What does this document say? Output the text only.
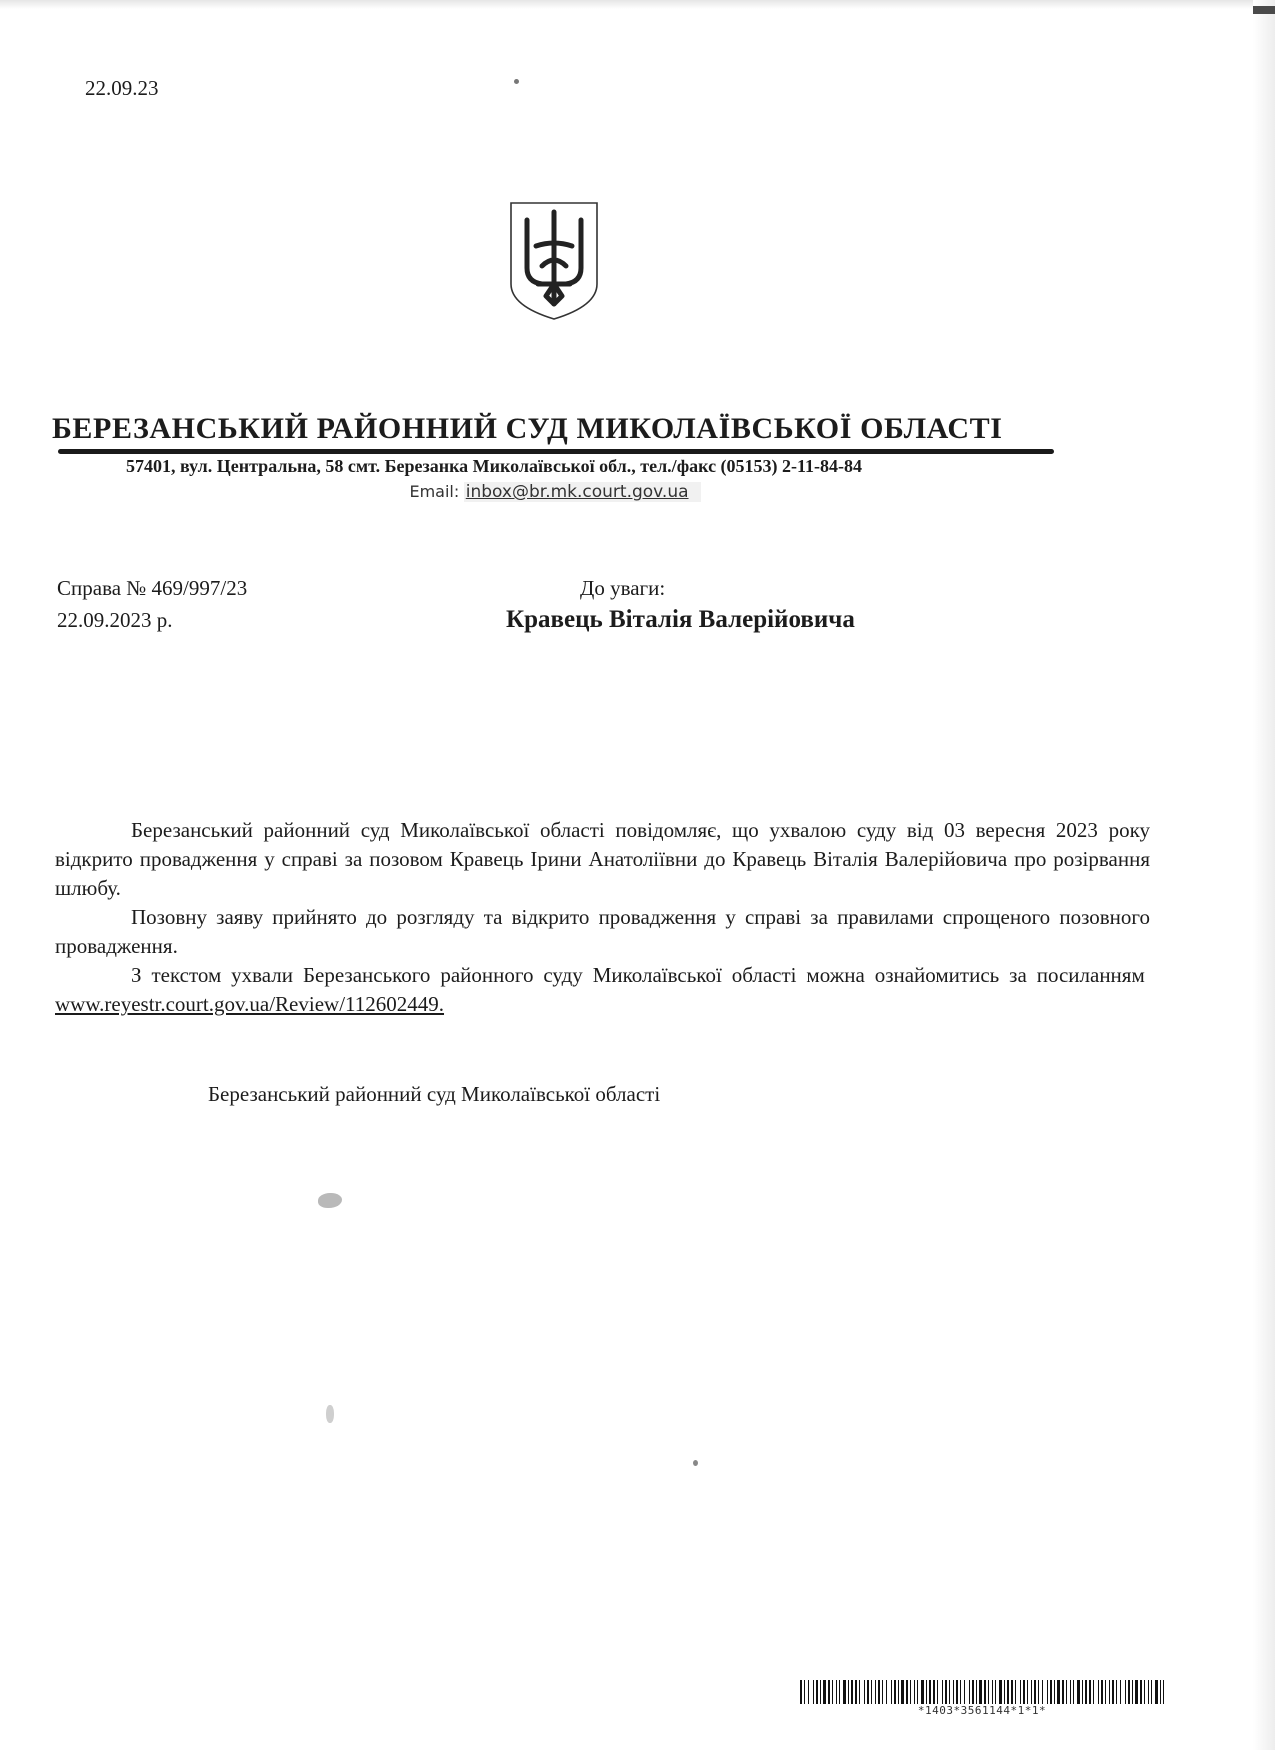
22.09.23
БЕРЕЗАНСЬКИЙ РАЙОННИЙ СУД МИКОЛАЇВСЬКОЇ ОБЛАСТІ
57401, вул. Центральна, 58 смт. Березанка Миколаївської обл., тел./факс (05153) 2-11-84-84
Email: inbox@br.mk.court.gov.ua
Справа № 469/997/23
22.09.2023 р.
До уваги:
Кравець Віталія Валерійовича

Березанський районний суд Миколаївської області повідомляє, що ухвалою суду від 03 вересня 2023 року відкрито провадження у справі за позовом Кравець Ірини Анатоліївни до Кравець Віталія Валерійовича про розірвання шлюбу.

Позовну заяву прийнято до розгляду та відкрито провадження у справі за правилами спрощеного позовного провадження.

З текстом ухвали Березанського районного суду Миколаївської області можна ознайомитись за посиланням  www.reyestr.court.gov.ua/Review/112602449.

Березанський районний суд Миколаївської області
*1403*3561144*1*1*
